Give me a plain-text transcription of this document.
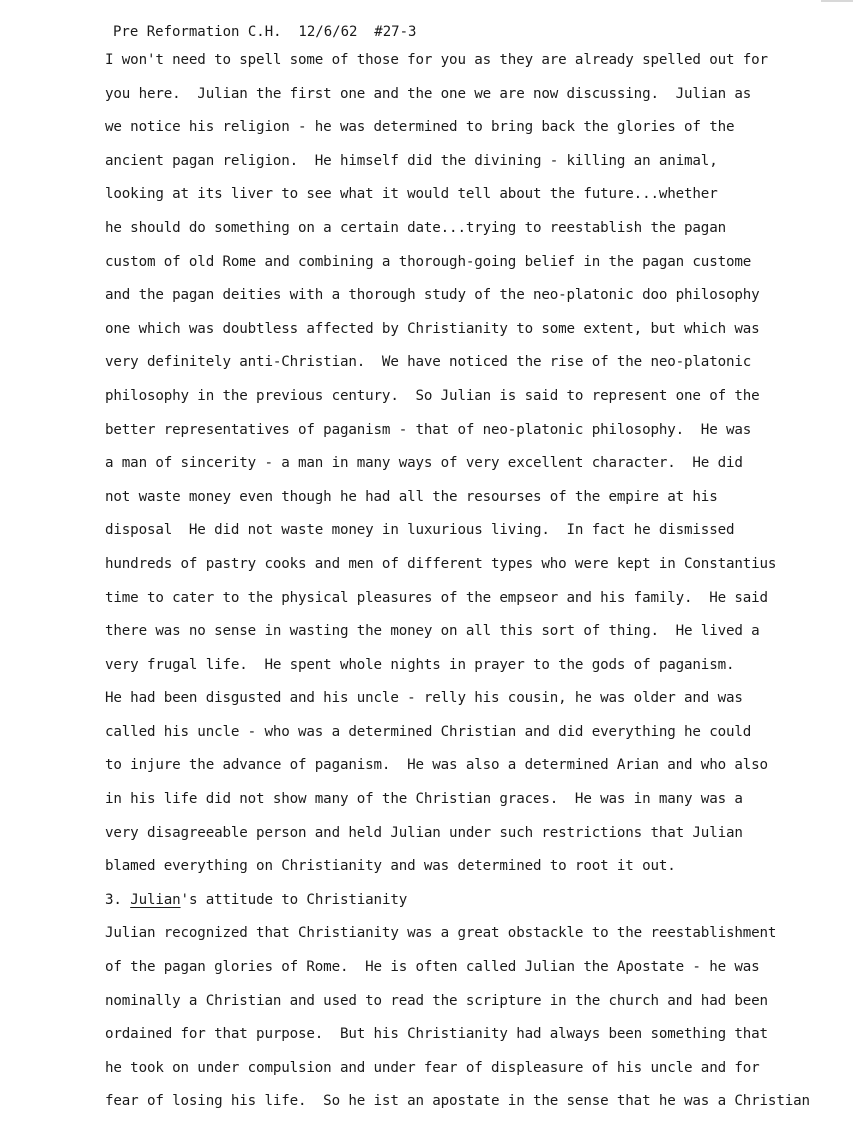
Pre Reformation C.H.  12/6/62  #27-3
I won't need to spell some of those for you as they are already spelled out for
you here.  Julian the first one and the one we are now discussing.  Julian as
we notice his religion - he was determined to bring back the glories of the
ancient pagan religion.  He himself did the divining - killing an animal,
looking at its liver to see what it would tell about the future...whether
he should do something on a certain date...trying to reestablish the pagan
custom of old Rome and combining a thorough-going belief in the pagan custome
and the pagan deities with a thorough study of the neo-platonic doo philosophy
one which was doubtless affected by Christianity to some extent, but which was
very definitely anti-Christian.  We have noticed the rise of the neo-platonic
philosophy in the previous century.  So Julian is said to represent one of the
better representatives of paganism - that of neo-platonic philosophy.  He was
a man of sincerity - a man in many ways of very excellent character.  He did
not waste money even though he had all the resourses of the empire at his
disposal  He did not waste money in luxurious living.  In fact he dismissed
hundreds of pastry cooks and men of different types who were kept in Constantius
time to cater to the physical pleasures of the empseor and his family.  He said
there was no sense in wasting the money on all this sort of thing.  He lived a
very frugal life.  He spent whole nights in prayer to the gods of paganism.
He had been disgusted and his uncle - relly his cousin, he was older and was
called his uncle - who was a determined Christian and did everything he could
to injure the advance of paganism.  He was also a determined Arian and who also
in his life did not show many of the Christian graces.  He was in many was a
very disagreeable person and held Julian under such restrictions that Julian
blamed everything on Christianity and was determined to root it out.
3. Julian's attitude to Christianity
Julian recognized that Christianity was a great obstackle to the reestablishment
of the pagan glories of Rome.  He is often called Julian the Apostate - he was
nominally a Christian and used to read the scripture in the church and had been
ordained for that purpose.  But his Christianity had always been something that
he took on under compulsion and under fear of displeasure of his uncle and for
fear of losing his life.  So he ist an apostate in the sense that he was a Christian
